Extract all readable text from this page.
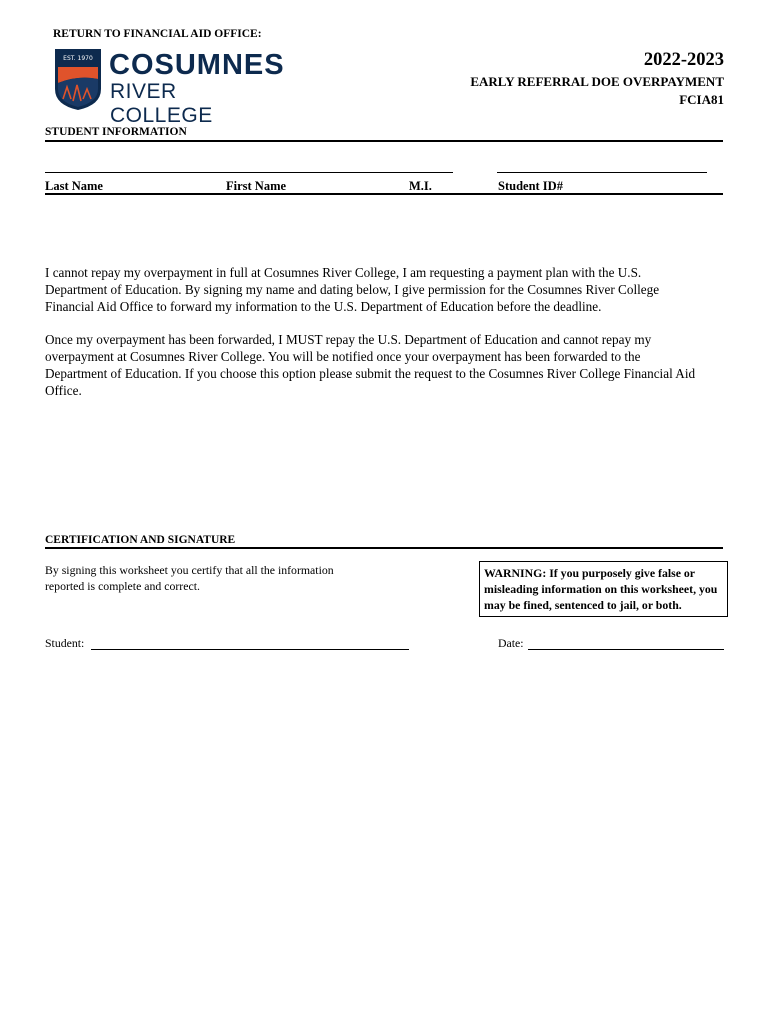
RETURN TO FINANCIAL AID OFFICE:
EST. 1970 COSUMNES
RIVER COLLEGE
2022-2023
EARLY REFERRAL DOE OVERPAYMENT
FCIA81
STUDENT INFORMATION
Last Name	First Name	M.I.	Student ID#
I cannot repay my overpayment in full at Cosumnes River College, I am requesting a payment plan with the U.S. Department of Education. By signing my name and dating below, I give permission for the Cosumnes River College Financial Aid Office to forward my information to the U.S. Department of Education before the deadline.
Once my overpayment has been forwarded, I MUST repay the U.S. Department of Education and cannot repay my overpayment at Cosumnes River College. You will be notified once your overpayment has been forwarded to the Department of Education. If you choose this option please submit the request to the Cosumnes River College Financial Aid Office.
CERTIFICATION AND SIGNATURE
By signing this worksheet you certify that all the information reported is complete and correct.
WARNING: If you purposely give false or misleading information on this worksheet, you may be fined, sentenced to jail, or both.
Student:	Date:
